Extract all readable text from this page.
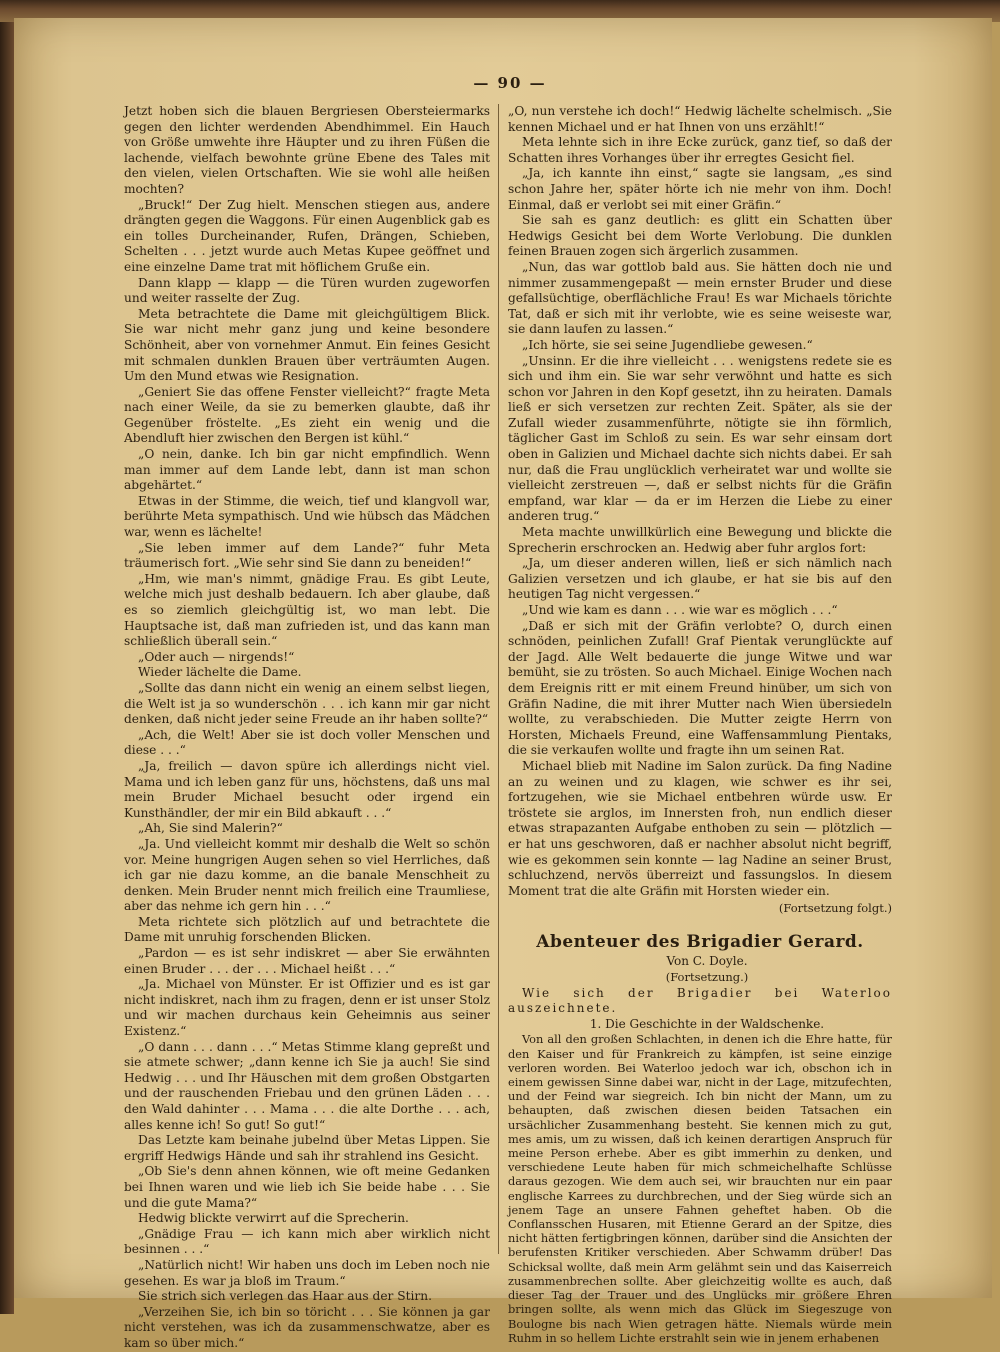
— 90 —

Jetzt hoben sich die blauen Bergriesen Obersteiermarks gegen den lichter werdenden Abendhimmel. Ein Hauch von Größe umwehte ihre Häupter und zu ihren Füßen die lachende, vielfach bewohnte grüne Ebene des Tales mit den vielen, vielen Ortschaften. Wie sie wohl alle heißen mochten?

„Bruck!“ Der Zug hielt. Menschen stiegen aus, andere drängten gegen die Waggons. Für einen Augenblick gab es ein tolles Durcheinander, Rufen, Drängen, Schieben, Schelten . . . jetzt wurde auch Metas Kupee geöffnet und eine einzelne Dame trat mit höflichem Gruße ein.

Dann klapp — klapp — die Türen wurden zugeworfen und weiter rasselte der Zug.

Meta betrachtete die Dame mit gleichgültigem Blick. Sie war nicht mehr ganz jung und keine besondere Schönheit, aber von vornehmer Anmut. Ein feines Gesicht mit schmalen dunklen Brauen über verträumten Augen. Um den Mund etwas wie Resignation.

„Geniert Sie das offene Fenster vielleicht?“ fragte Meta nach einer Weile, da sie zu bemerken glaubte, daß ihr Gegenüber fröstelte. „Es zieht ein wenig und die Abendluft hier zwischen den Bergen ist kühl.“

„O nein, danke. Ich bin gar nicht empfindlich. Wenn man immer auf dem Lande lebt, dann ist man schon abgehärtet.“

Etwas in der Stimme, die weich, tief und klangvoll war, berührte Meta sympathisch. Und wie hübsch das Mädchen war, wenn es lächelte!

„Sie leben immer auf dem Lande?“ fuhr Meta träumerisch fort. „Wie sehr sind Sie dann zu beneiden!“

„Hm, wie man's nimmt, gnädige Frau. Es gibt Leute, welche mich just deshalb bedauern. Ich aber glaube, daß es so ziemlich gleichgültig ist, wo man lebt. Die Hauptsache ist, daß man zufrieden ist, und das kann man schließlich überall sein.“

„Oder auch — nirgends!“

Wieder lächelte die Dame.

„Sollte das dann nicht ein wenig an einem selbst liegen, die Welt ist ja so wunderschön . . . ich kann mir gar nicht denken, daß nicht jeder seine Freude an ihr haben sollte?“

„Ach, die Welt! Aber sie ist doch voller Menschen und diese . . .“

„Ja, freilich — davon spüre ich allerdings nicht viel. Mama und ich leben ganz für uns, höchstens, daß uns mal mein Bruder Michael besucht oder irgend ein Kunsthändler, der mir ein Bild abkauft . . .“

„Ah, Sie sind Malerin?“

„Ja. Und vielleicht kommt mir deshalb die Welt so schön vor. Meine hungrigen Augen sehen so viel Herrliches, daß ich gar nie dazu komme, an die banale Menschheit zu denken. Mein Bruder nennt mich freilich eine Traumliese, aber das nehme ich gern hin . . .“

Meta richtete sich plötzlich auf und betrachtete die Dame mit unruhig forschenden Blicken.

„Pardon — es ist sehr indiskret — aber Sie erwähnten einen Bruder . . . der . . . Michael heißt . . .“

„Ja. Michael von Münster. Er ist Offizier und es ist gar nicht indiskret, nach ihm zu fragen, denn er ist unser Stolz und wir machen durchaus kein Geheimnis aus seiner Existenz.“

„O dann . . . dann . . .“ Metas Stimme klang gepreßt und sie atmete schwer; „dann kenne ich Sie ja auch! Sie sind Hedwig . . . und Ihr Häuschen mit dem großen Obstgarten und der rauschenden Friebau und den grünen Läden . . . den Wald dahinter . . . Mama . . . die alte Dorthe . . . ach, alles kenne ich! So gut! So gut!“

Das Letzte kam beinahe jubelnd über Metas Lippen. Sie ergriff Hedwigs Hände und sah ihr strahlend ins Gesicht.

„Ob Sie's denn ahnen können, wie oft meine Gedanken bei Ihnen waren und wie lieb ich Sie beide habe . . . Sie und die gute Mama?“

Hedwig blickte verwirrt auf die Sprecherin.

„Gnädige Frau — ich kann mich aber wirklich nicht besinnen . . .“

„Natürlich nicht! Wir haben uns doch im Leben noch nie gesehen. Es war ja bloß im Traum.“

Sie strich sich verlegen das Haar aus der Stirn.

„Verzeihen Sie, ich bin so töricht . . . Sie können ja gar nicht verstehen, was ich da zusammenschwatze, aber es kam so über mich.“

„O, nun verstehe ich doch!“ Hedwig lächelte schelmisch. „Sie kennen Michael und er hat Ihnen von uns erzählt!“

Meta lehnte sich in ihre Ecke zurück, ganz tief, so daß der Schatten ihres Vorhanges über ihr erregtes Gesicht fiel.

„Ja, ich kannte ihn einst,“ sagte sie langsam, „es sind schon Jahre her, später hörte ich nie mehr von ihm. Doch! Einmal, daß er verlobt sei mit einer Gräfin.“

Sie sah es ganz deutlich: es glitt ein Schatten über Hedwigs Gesicht bei dem Worte Verlobung. Die dunklen feinen Brauen zogen sich ärgerlich zusammen.

„Nun, das war gottlob bald aus. Sie hätten doch nie und nimmer zusammengepaßt — mein ernster Bruder und diese gefallsüchtige, oberflächliche Frau! Es war Michaels törichte Tat, daß er sich mit ihr verlobte, wie es seine weiseste war, sie dann laufen zu lassen.“

„Ich hörte, sie sei seine Jugendliebe gewesen.“

„Unsinn. Er die ihre vielleicht . . . wenigstens redete sie es sich und ihm ein. Sie war sehr verwöhnt und hatte es sich schon vor Jahren in den Kopf gesetzt, ihn zu heiraten. Damals ließ er sich versetzen zur rechten Zeit. Später, als sie der Zufall wieder zusammenführte, nötigte sie ihn förmlich, täglicher Gast im Schloß zu sein. Es war sehr einsam dort oben in Galizien und Michael dachte sich nichts dabei. Er sah nur, daß die Frau unglücklich verheiratet war und wollte sie vielleicht zerstreuen —, daß er selbst nichts für die Gräfin empfand, war klar — da er im Herzen die Liebe zu einer anderen trug.“

Meta machte unwillkürlich eine Bewegung und blickte die Sprecherin erschrocken an. Hedwig aber fuhr arglos fort:

„Ja, um dieser anderen willen, ließ er sich nämlich nach Galizien versetzen und ich glaube, er hat sie bis auf den heutigen Tag nicht vergessen.“

„Und wie kam es dann . . . wie war es möglich . . .“

„Daß er sich mit der Gräfin verlobte? O, durch einen schnöden, peinlichen Zufall! Graf Pientak verunglückte auf der Jagd. Alle Welt bedauerte die junge Witwe und war bemüht, sie zu trösten. So auch Michael. Einige Wochen nach dem Ereignis ritt er mit einem Freund hinüber, um sich von Gräfin Nadine, die mit ihrer Mutter nach Wien übersiedeln wollte, zu verabschieden. Die Mutter zeigte Herrn von Horsten, Michaels Freund, eine Waffensammlung Pientaks, die sie verkaufen wollte und fragte ihn um seinen Rat.

Michael blieb mit Nadine im Salon zurück. Da fing Nadine an zu weinen und zu klagen, wie schwer es ihr sei, fortzugehen, wie sie Michael entbehren würde usw. Er tröstete sie arglos, im Innersten froh, nun endlich dieser etwas strapazanten Aufgabe enthoben zu sein — plötzlich — er hat uns geschworen, daß er nachher absolut nicht begriff, wie es gekommen sein konnte — lag Nadine an seiner Brust, schluchzend, nervös überreizt und fassungslos. In diesem Moment trat die alte Gräfin mit Horsten wieder ein.

(Fortsetzung folgt.)
Abenteuer des Brigadier Gerard.

Von C. Doyle.

(Fortsetzung.)

Wie sich der Brigadier bei Waterloo auszeichnete.

1. Die Geschichte in der Waldschenke.

Von all den großen Schlachten, in denen ich die Ehre hatte, für den Kaiser und für Frankreich zu kämpfen, ist seine einzige verloren worden. Bei Waterloo jedoch war ich, obschon ich in einem gewissen Sinne dabei war, nicht in der Lage, mitzufechten, und der Feind war siegreich. Ich bin nicht der Mann, um zu behaupten, daß zwischen diesen beiden Tatsachen ein ursächlicher Zusammenhang besteht. Sie kennen mich zu gut, mes amis, um zu wissen, daß ich keinen derartigen Anspruch für meine Person erhebe. Aber es gibt immerhin zu denken, und verschiedene Leute haben für mich schmeichelhafte Schlüsse daraus gezogen. Wie dem auch sei, wir brauchten nur ein paar englische Karrees zu durchbrechen, und der Sieg würde sich an jenem Tage an unsere Fahnen geheftet haben. Ob die Conflansschen Husaren, mit Etienne Gerard an der Spitze, dies nicht hätten fertigbringen können, darüber sind die Ansichten der berufensten Kritiker verschieden. Aber Schwamm drüber! Das Schicksal wollte, daß mein Arm gelähmt sein und das Kaiserreich zusammenbrechen sollte. Aber gleichzeitig wollte es auch, daß dieser Tag der Trauer und des Unglücks mir größere Ehren bringen sollte, als wenn mich das Glück im Siegeszuge von Boulogne bis nach Wien getragen hätte. Niemals würde mein Ruhm in so hellem Lichte erstrahlt sein wie in jenem erhabenen
